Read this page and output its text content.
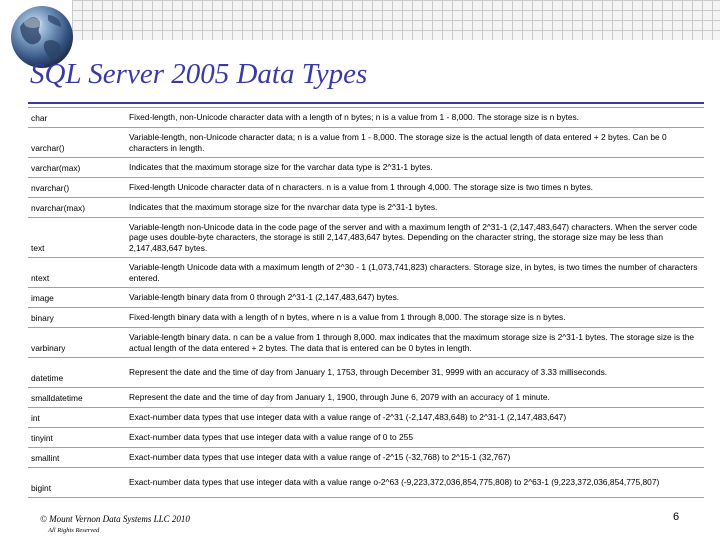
SQL Server 2005 Data Types
char	Fixed-length, non-Unicode character data with a length of n bytes; n is a value from 1 - 8,000. The storage size is n bytes.
varchar()	Variable-length, non-Unicode character data; n is a value from 1 - 8,000. The storage size is the actual length of data entered + 2 bytes. Can be 0 characters in length.
varchar(max)	Indicates that the maximum storage size for the varchar data type is 2^31-1 bytes.
nvarchar()	Fixed-length Unicode character data of n characters. n is a value from 1 through 4,000. The storage size is two times n bytes.
nvarchar(max)	Indicates that the maximum storage size for the nvarchar data type is 2^31-1 bytes.
text	Variable-length non-Unicode data in the code page of the server and with a maximum length of 2^31-1 (2,147,483,647) characters. When the server code page uses double-byte characters, the storage is still 2,147,483,647 bytes. Depending on the character string, the storage size may be less than 2,147,483,647 bytes.
ntext	Variable-length Unicode data with a maximum length of 2^30 - 1 (1,073,741,823) characters. Storage size, in bytes, is two times the number of characters entered.
image	Variable-length binary data from 0 through 2^31-1 (2,147,483,647) bytes.
binary	Fixed-length binary data with a length of n bytes, where n is a value from 1 through 8,000. The storage size is n bytes.
varbinary	Variable-length binary data. n can be a value from 1 through 8,000. max indicates that the maximum storage size is 2^31-1 bytes. The storage size is the actual length of the data entered + 2 bytes. The data that is entered can be 0 bytes in length.
datetime	Represent the date and the time of day from January 1, 1753, through December 31, 9999 with an accuracy of 3.33 milliseconds.
smalldatetime	Represent the date and the time of day from January 1, 1900, through June 6, 2079 with an accuracy of 1 minute.
int	Exact-number data types that use integer data with a value range of -2^31 (-2,147,483,648) to 2^31-1 (2,147,483,647)
tinyint	Exact-number data types that use integer data with a value range of 0 to 255
smallint	Exact-number data types that use integer data with a value range of -2^15 (-32,768) to 2^15-1 (32,767)
bigint	Exact-number data types that use integer data with a value range o-2^63 (-9,223,372,036,854,775,808) to 2^63-1 (9,223,372,036,854,775,807)
© Mount Vernon Data Systems LLC 2010
All Rights Reserved
6
